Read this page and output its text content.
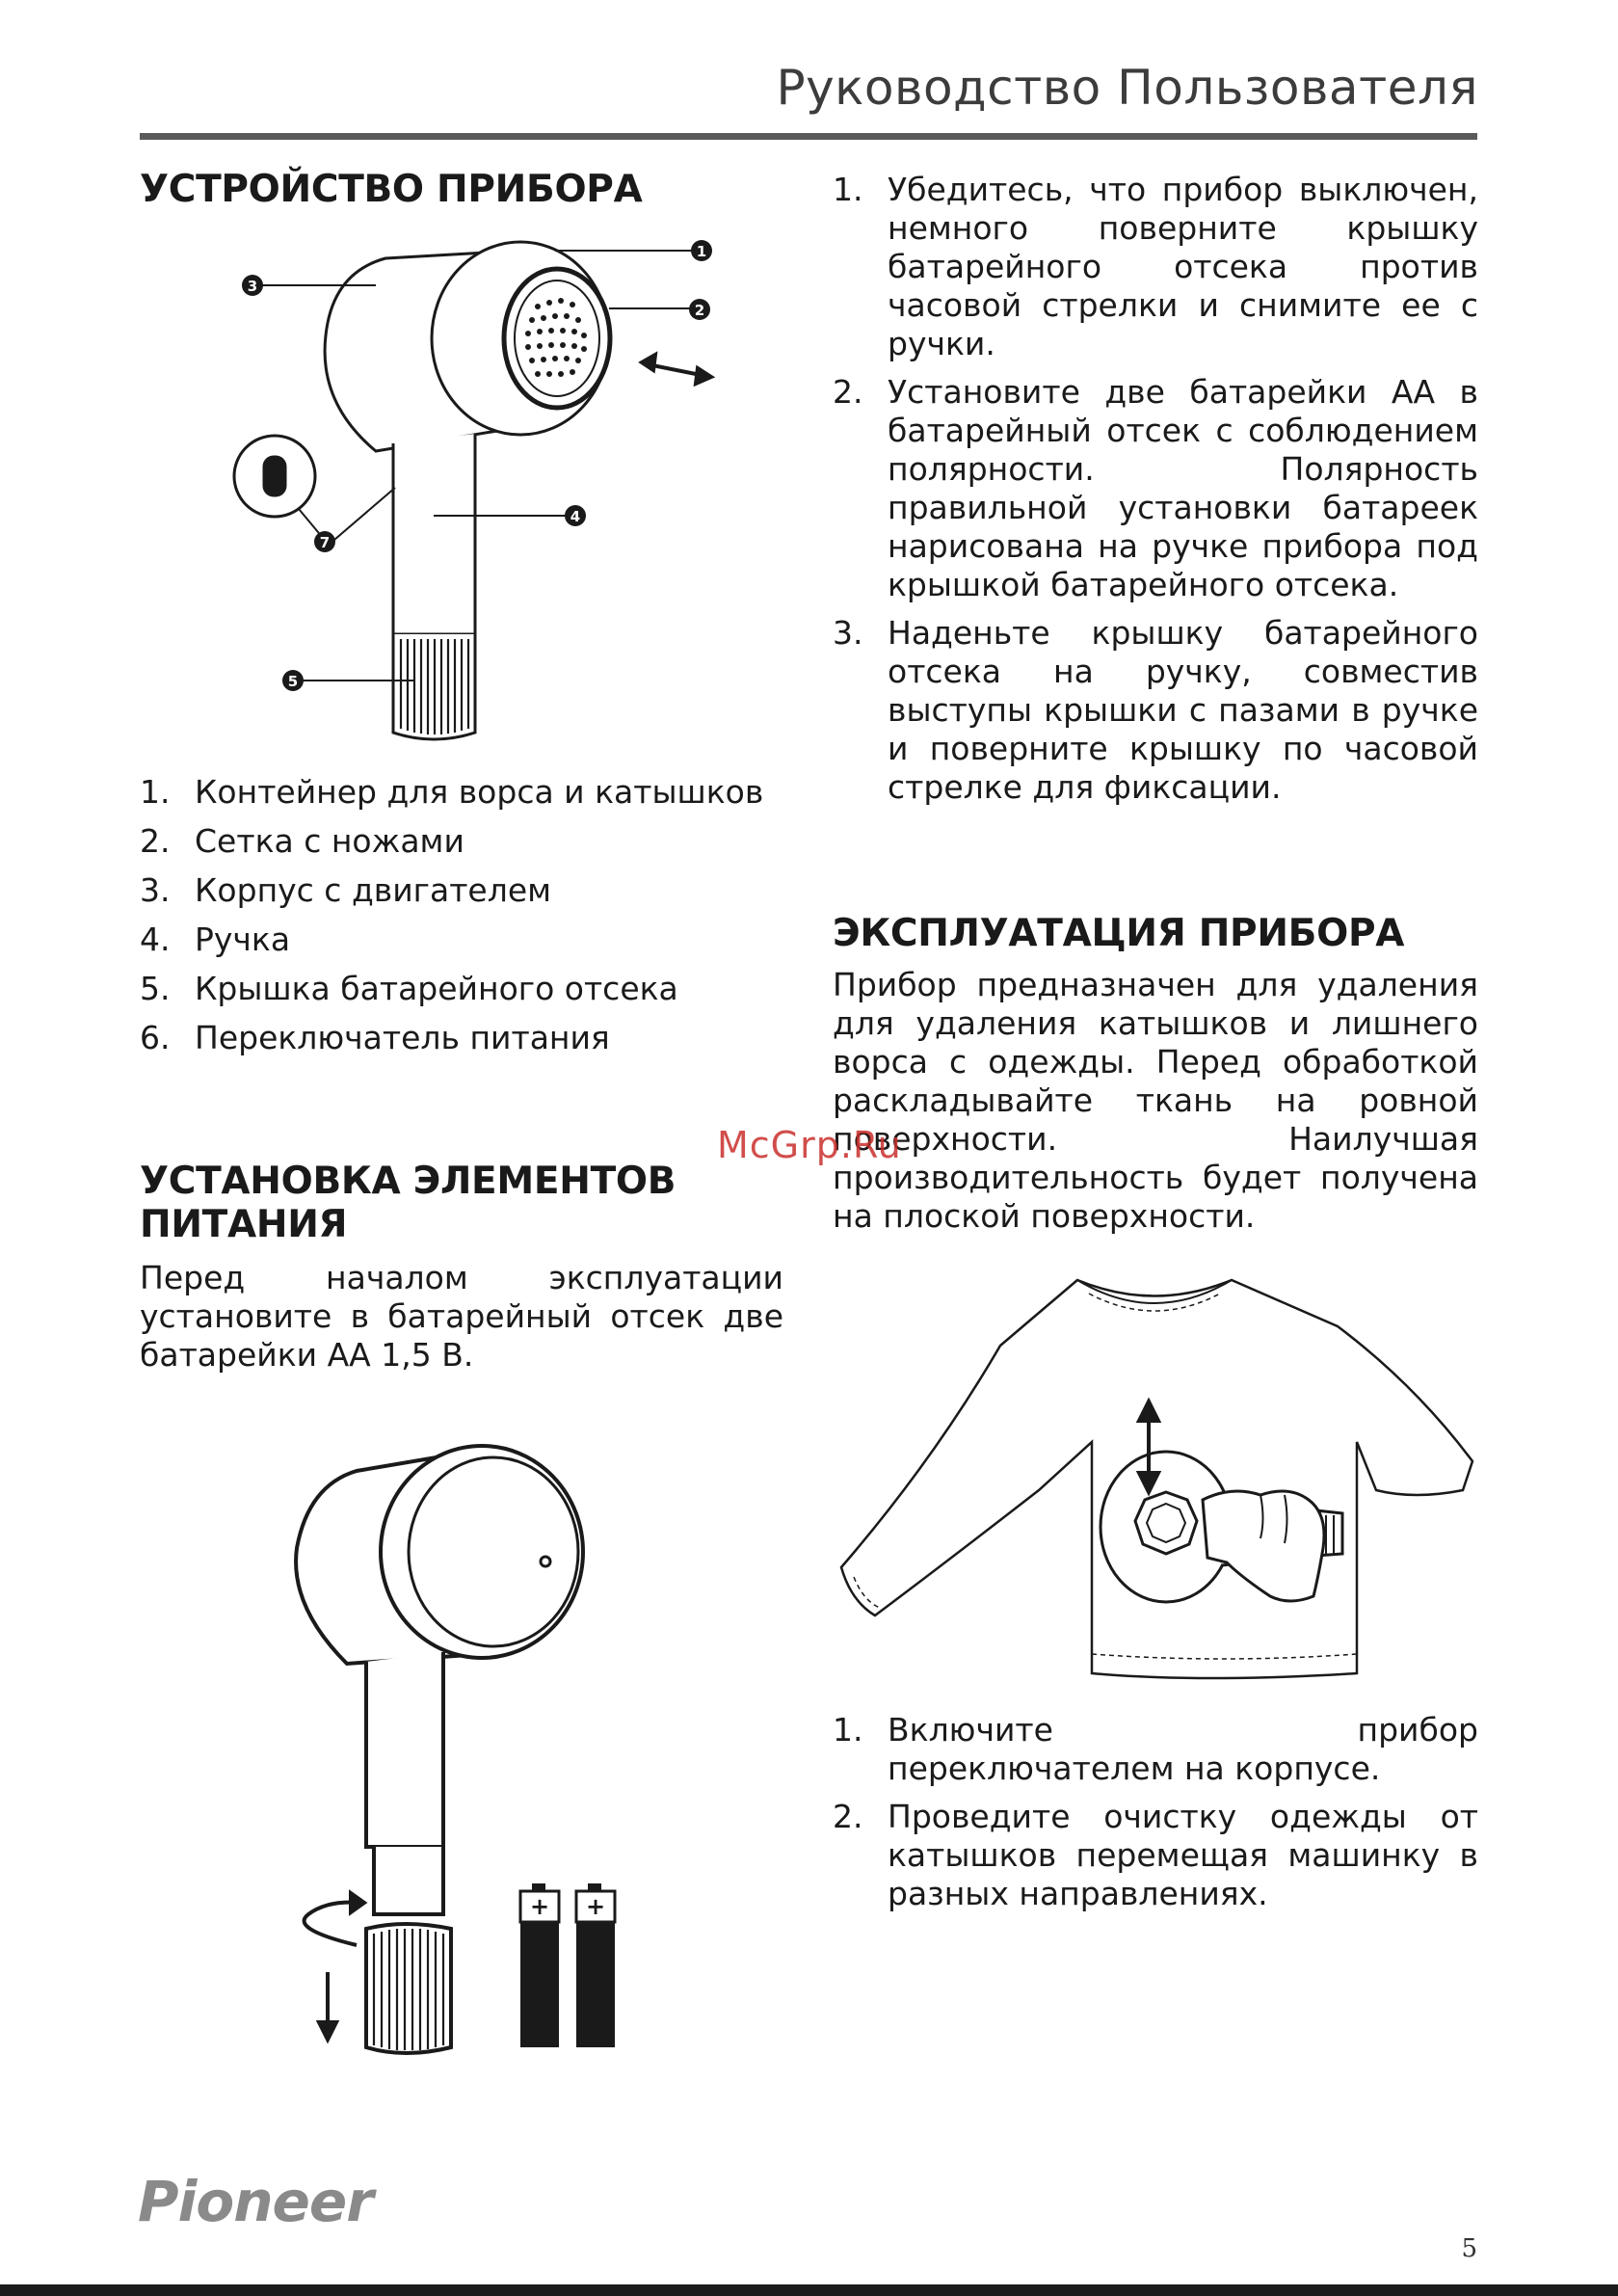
Руководство Пользователя
УСТРОЙСТВО ПРИБОРА
1
2
3
4
5
7
1. Контейнер для ворса и катышков
2. Сетка с ножами
3. Корпус с двигателем
4. Ручка
5. Крышка батарейного отсека
6. Переключатель питания
УСТАНОВКА ЭЛЕМЕНТОВ
ПИТАНИЯ

Перед началом эксплуатации установите в батарейный отсек две батарейки АА 1,5 В.

+ +
1. Убедитесь, что прибор выключен, немного поверните крышку батарейного отсека против часовой стрелки и снимите ее с ручки.
2. Установите две батарейки АА в батарейный отсек с соблюдением полярности. Полярность правильной установки батареек нарисована на ручке прибора под крышкой батарейного отсека.
3. Наденьте крышку батарейного отсека на ручку, совместив выступы крышки с пазами в ручке и поверните крышку по часовой стрелке для фиксации.
ЭКСПЛУАТАЦИЯ ПРИБОРА

Прибор предназначен для удаления для удаления катышков и лишнего ворса с одежды. Перед обработкой раскладывайте ткань на ровной поверхности. Наилучшая производительность будет получена на плоской поверхности.

1. Включите прибор переключателем на корпусе.
2. Проведите очистку одежды от катышков перемещая машинку в разных направлениях.
McGrp.Ru
Pioneer
5
